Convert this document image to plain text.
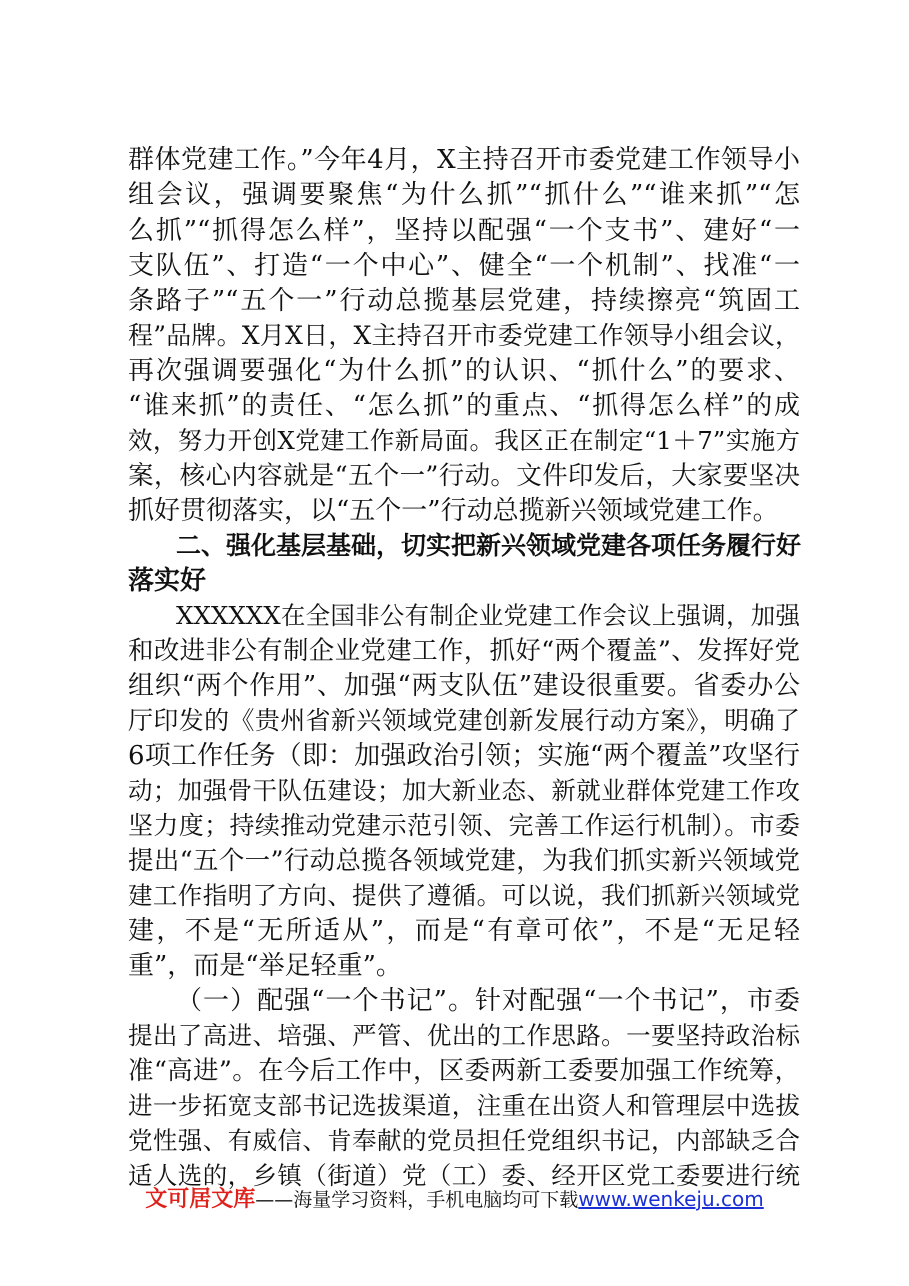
群体党建工作。”今年4月，X主持召开市委党建工作领导小
组会议，强调要聚焦“为什么抓”“抓什么”“谁来抓”“怎
么抓”“抓得怎么样”，坚持以配强“一个支书”、建好“一
支队伍”、打造“一个中心”、健全“一个机制”、找准“一
条路子”“五个一”行动总揽基层党建，持续擦亮“筑固工
程”品牌。X月X日，X主持召开市委党建工作领导小组会议，
再次强调要强化“为什么抓”的认识、“抓什么”的要求、
“谁来抓”的责任、“怎么抓”的重点、“抓得怎么样”的成
效，努力开创X党建工作新局面。我区正在制定“1＋7”实施方
案，核心内容就是“五个一”行动。文件印发后，大家要坚决
抓好贯彻落实，以“五个一”行动总揽新兴领域党建工作。
二、强化基层基础，切实把新兴领域党建各项任务履行好
落实好
XXXXXX在全国非公有制企业党建工作会议上强调，加强
和改进非公有制企业党建工作，抓好“两个覆盖”、发挥好党
组织“两个作用”、加强“两支队伍”建设很重要。省委办公
厅印发的《贵州省新兴领域党建创新发展行动方案》，明确了
6项工作任务（即：加强政治引领；实施“两个覆盖”攻坚行
动；加强骨干队伍建设；加大新业态、新就业群体党建工作攻
坚力度；持续推动党建示范引领、完善工作运行机制）。市委
提出“五个一”行动总揽各领域党建，为我们抓实新兴领域党
建工作指明了方向、提供了遵循。可以说，我们抓新兴领域党
建，不是“无所适从”，而是“有章可依”，不是“无足轻
重”，而是“举足轻重”。
（一）配强“一个书记”。针对配强“一个书记”，市委
提出了高进、培强、严管、优出的工作思路。一要坚持政治标
准“高进”。在今后工作中，区委两新工委要加强工作统筹，
进一步拓宽支部书记选拔渠道，注重在出资人和管理层中选拔
党性强、有威信、肯奉献的党员担任党组织书记，内部缺乏合
适人选的，乡镇（街道）党（工）委、经开区党工委要进行统
文可居文库——海量学习资料，手机电脑均可下载www.wenkeju.com
